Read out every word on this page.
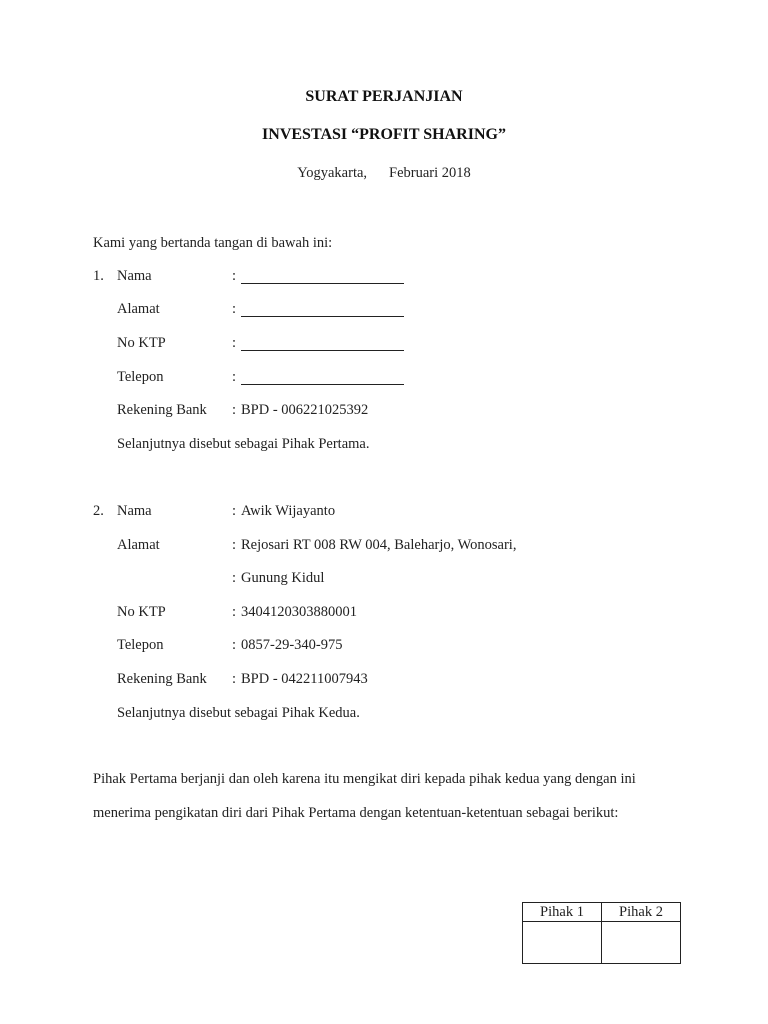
SURAT PERJANJIAN
INVESTASI “PROFIT SHARING”
Yogyakarta, Februari 2018
Kami yang bertanda tangan di bawah ini:
1. Nama	:
Alamat	:
No KTP	:
Telepon	:
Rekening Bank : BPD - 006221025392
Selanjutnya disebut sebagai Pihak Pertama.
2. Nama	: Awik Wijayanto
Alamat	: Rejosari RT 008 RW 004, Baleharjo, Wonosari,
: Gunung Kidul
No KTP	: 3404120303880001
Telepon	: 0857-29-340-975
Rekening Bank : BPD - 042211007943
Selanjutnya disebut sebagai Pihak Kedua.
Pihak Pertama berjanji dan oleh karena itu mengikat diri kepada pihak kedua yang dengan ini
menerima pengikatan diri dari Pihak Pertama dengan ketentuan-ketentuan sebagai berikut:
Pihak 1	Pihak 2
